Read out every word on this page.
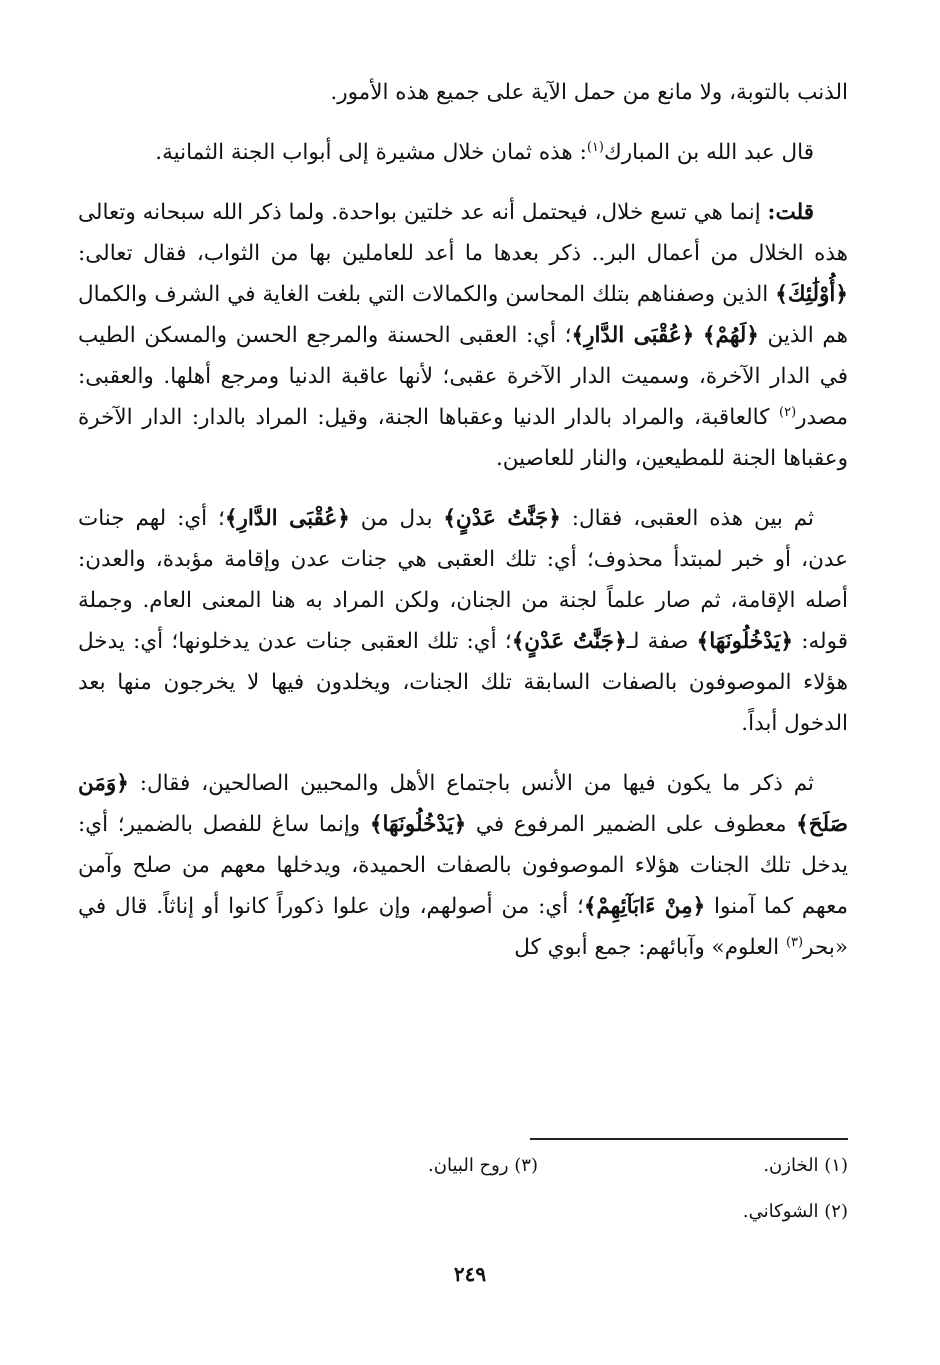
الذنب بالتوبة، ولا مانع من حمل الآية على جميع هذه الأمور.

قال عبد الله بن المبارك$^{(١)}$: هذه ثمان خلال مشيرة إلى أبواب الجنة الثمانية.

قلت: إنما هي تسع خلال، فيحتمل أنه عد خلتين بواحدة. ولما ذكر الله سبحانه وتعالى هذه الخلال من أعمال البر.. ذكر بعدها ما أعد للعاملين بها من الثواب، فقال تعالى: ﴿أُوْلَٰئِكَ﴾ الذين وصفناهم بتلك المحاسن والكمالات التي بلغت الغاية في الشرف والكمال هم الذين ﴿لَهُمْ﴾ ﴿عُقْبَى الدَّارِ﴾؛ أي: العقبى الحسنة والمرجع الحسن والمسكن الطيب في الدار الآخرة، وسميت الدار الآخرة عقبى؛ لأنها عاقبة الدنيا ومرجع أهلها. والعقبى: مصدر$^{(٢)}$ كالعاقبة، والمراد بالدار الدنيا وعقباها الجنة، وقيل: المراد بالدار: الدار الآخرة وعقباها الجنة للمطيعين، والنار للعاصين.

ثم بين هذه العقبى، فقال: ﴿جَنَّٰتُ عَدْنٍ﴾ بدل من ﴿عُقْبَى الدَّارِ﴾؛ أي: لهم جنات عدن، أو خبر لمبتدأ محذوف؛ أي: تلك العقبى هي جنات عدن وإقامة مؤبدة، والعدن: أصله الإقامة، ثم صار علماً لجنة من الجنان، ولكن المراد به هنا المعنى العام. وجملة قوله: ﴿يَدْخُلُونَهَا﴾ صفة لـ﴿جَنَّٰتُ عَدْنٍ﴾؛ أي: تلك العقبى جنات عدن يدخلونها؛ أي: يدخل هؤلاء الموصوفون بالصفات السابقة تلك الجنات، ويخلدون فيها لا يخرجون منها بعد الدخول أبداً.

ثم ذكر ما يكون فيها من الأنس باجتماع الأهل والمحبين الصالحين، فقال: ﴿وَمَن صَلَحَ﴾ معطوف على الضمير المرفوع في ﴿يَدْخُلُونَهَا﴾ وإنما ساغ للفصل بالضمير؛ أي: يدخل تلك الجنات هؤلاء الموصوفون بالصفات الحميدة، ويدخلها معهم من صلح وآمن معهم كما آمنوا ﴿مِنْ ءَابَآئِهِمْ﴾؛ أي: من أصولهم، وإن علوا ذكوراً كانوا أو إناثاً. قال في «بحر$^{(٣)}$ العلوم» وآبائهم: جمع أبوي كل

(١) الخازن.
(٣) روح البيان.
(٢) الشوكاني.
٢٤٩
